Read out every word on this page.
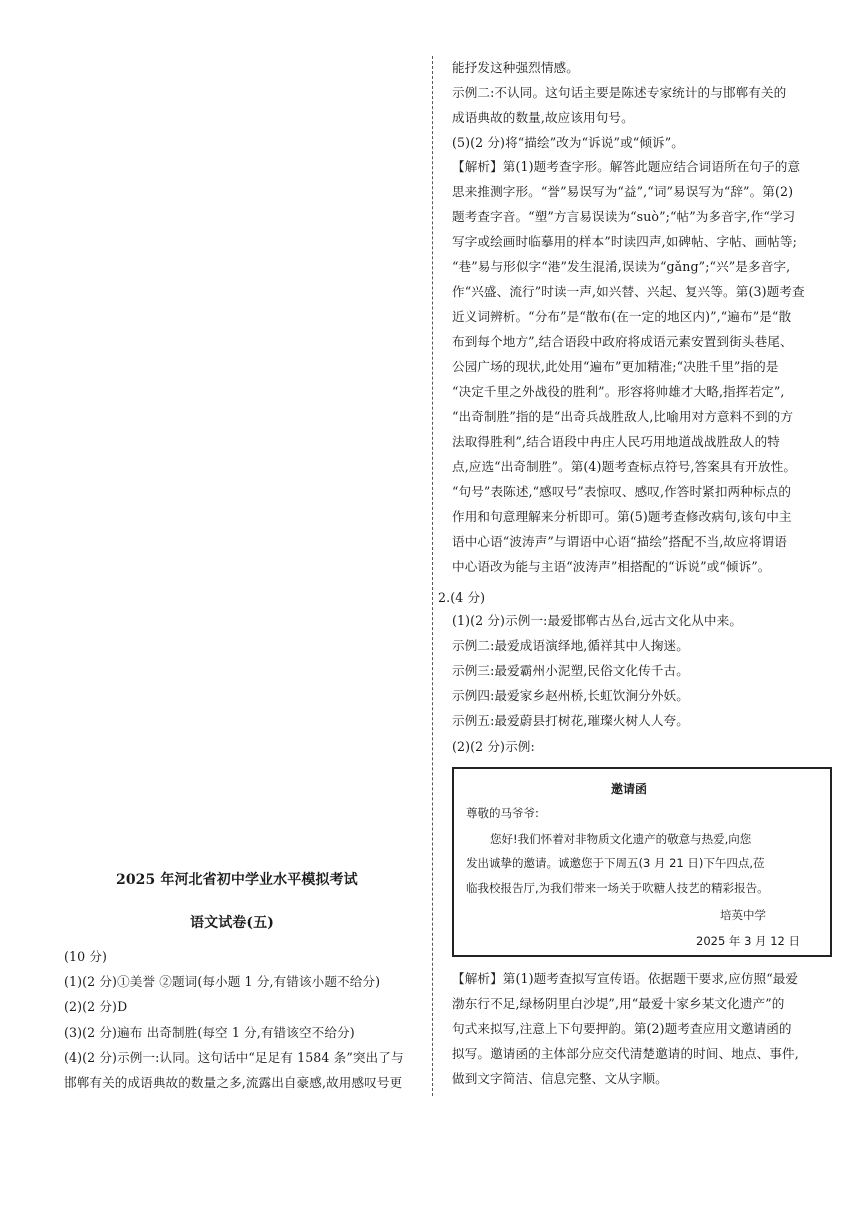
2025 年河北省初中学业水平模拟考试
语文试卷(五)
(10 分)
(1)(2 分)①美誉 ②题词(每小题 1 分,有错该小题不给分)
(2)(2 分)D
(3)(2 分)遍布 出奇制胜(每空 1 分,有错该空不给分)
(4)(2 分)示例一:认同。这句话中“足足有 1584 条”突出了与
邯郸有关的成语典故的数量之多,流露出自豪感,故用感叹号更
能抒发这种强烈情感。
示例二:不认同。这句话主要是陈述专家统计的与邯郸有关的
成语典故的数量,故应该用句号。
(5)(2 分)将“描绘”改为“诉说”或“倾诉”。
【解析】第(1)题考查字形。解答此题应结合词语所在句子的意
思来推测字形。“誉”易误写为“益”,“词”易误写为“辞”。第(2)
题考查字音。“塑”方言易误读为“suò”;“帖”为多音字,作“学习
写字或绘画时临摹用的样本”时读四声,如碑帖、字帖、画帖等;
“巷”易与形似字“港”发生混淆,误读为“gǎng”;“兴”是多音字,
作“兴盛、流行”时读一声,如兴替、兴起、复兴等。第(3)题考查
近义词辨析。“分布”是“散布(在一定的地区内)”,“遍布”是“散
布到每个地方”,结合语段中政府将成语元素安置到街头巷尾、
公园广场的现状,此处用“遍布”更加精准;“决胜千里”指的是
“决定千里之外战役的胜利”。形容将帅雄才大略,指挥若定”,
“出奇制胜”指的是“出奇兵战胜敌人,比喻用对方意料不到的方
法取得胜利”,结合语段中冉庄人民巧用地道战战胜敌人的特
点,应选“出奇制胜”。第(4)题考查标点符号,答案具有开放性。
“句号”表陈述,“感叹号”表惊叹、感叹,作答时紧扣两种标点的
作用和句意理解来分析即可。第(5)题考查修改病句,该句中主
语中心语“波涛声”与谓语中心语“描绘”搭配不当,故应将谓语
中心语改为能与主语“波涛声”相搭配的“诉说”或“倾诉”。
2.(4 分)
(1)(2 分)示例一:最爱邯郸古丛台,远古文化从中来。
示例二:最爱成语演绎地,循祥其中人掬迷。
示例三:最爱霸州小泥塑,民俗文化传千古。
示例四:最爱家乡赵州桥,长虹饮涧分外妖。
示例五:最爱蔚县打树花,璀璨火树人人夸。
(2)(2 分)示例:
【解析】第(1)题考查拟写宣传语。依据题干要求,应仿照“最爱
渤东行不足,绿杨阴里白沙堤”,用“最爱十家乡某文化遗产”的
句式来拟写,注意上下句要押韵。第(2)题考查应用文邀请函的
拟写。邀请函的主体部分应交代清楚邀请的时间、地点、事件,
做到文字简洁、信息完整、文从字顺。
邀请函
尊敬的马爷爷:
您好!我们怀着对非物质文化遗产的敬意与热爱,向您
发出诚挚的邀请。诚邀您于下周五(3 月 21 日)下午四点,莅
临我校报告厅,为我们带来一场关于吹糖人技艺的精彩报告。
培英中学
2025 年 3 月 12 日
